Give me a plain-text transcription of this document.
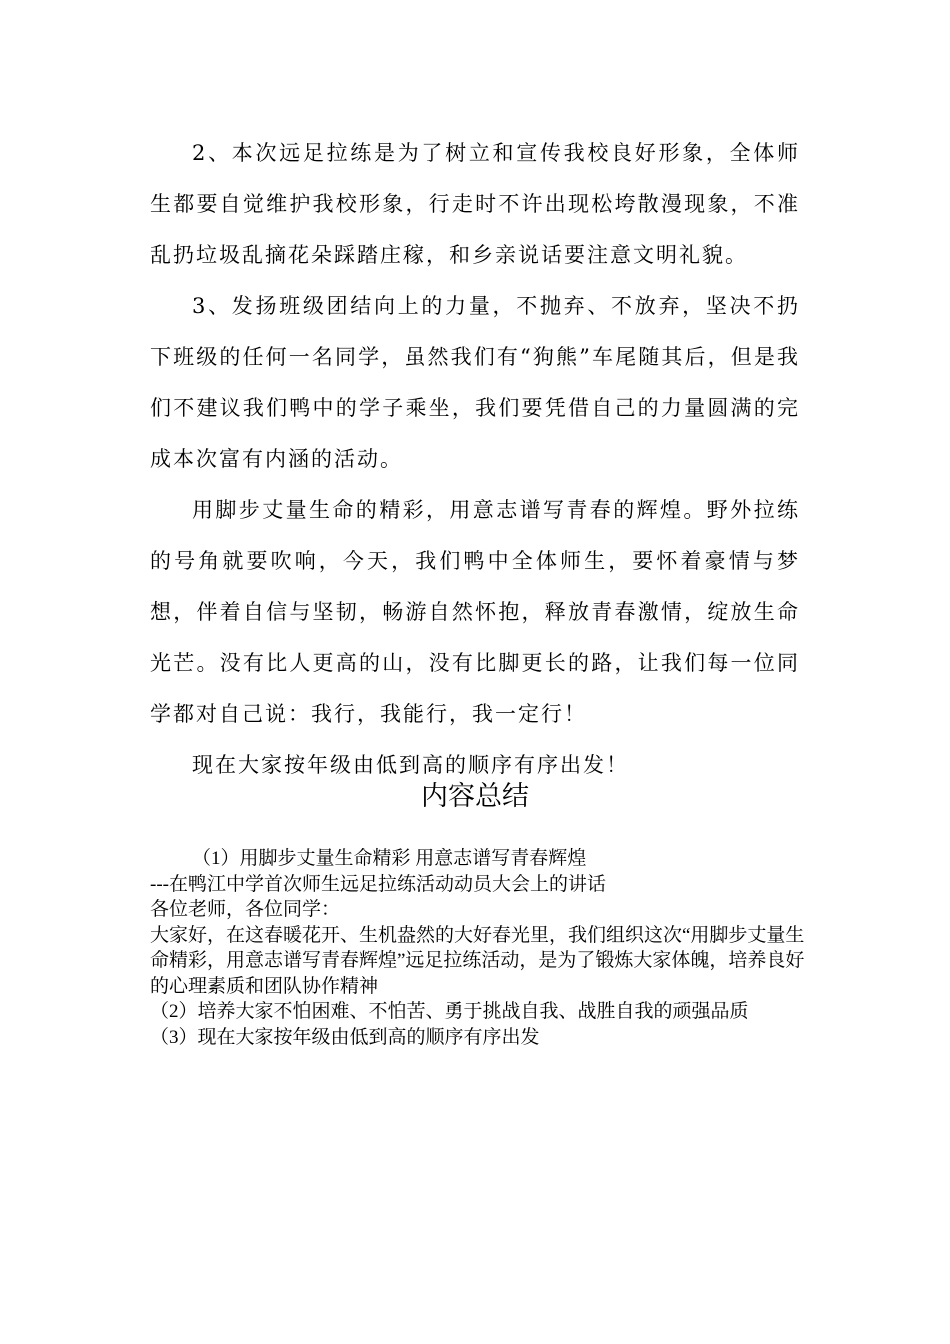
2、本次远足拉练是为了树立和宣传我校良好形象，全体师生都要自觉维护我校形象，行走时不许出现松垮散漫现象，不准乱扔垃圾乱摘花朵踩踏庄稼，和乡亲说话要注意文明礼貌。

3、发扬班级团结向上的力量，不抛弃、不放弃，坚决不扔下班级的任何一名同学，虽然我们有“狗熊”车尾随其后，但是我们不建议我们鸭中的学子乘坐，我们要凭借自己的力量圆满的完成本次富有内涵的活动。

用脚步丈量生命的精彩，用意志谱写青春的辉煌。野外拉练的号角就要吹响，今天，我们鸭中全体师生，要怀着豪情与梦想，伴着自信与坚韧，畅游自然怀抱，释放青春激情，绽放生命光芒。没有比人更高的山，没有比脚更长的路，让我们每一位同学都对自己说：我行，我能行，我一定行！

现在大家按年级由低到高的顺序有序出发！

内容总结
（1）用脚步丈量生命精彩 用意志谱写青春辉煌
---在鸭江中学首次师生远足拉练活动动员大会上的讲话
各位老师，各位同学：
大家好，在这春暖花开、生机盎然的大好春光里，我们组织这次“用脚步丈量生命精彩，用意志谱写青春辉煌”远足拉练活动，是为了锻炼大家体魄，培养良好的心理素质和团队协作精神
（2）培养大家不怕困难、不怕苦、勇于挑战自我、战胜自我的顽强品质
（3）现在大家按年级由低到高的顺序有序出发
